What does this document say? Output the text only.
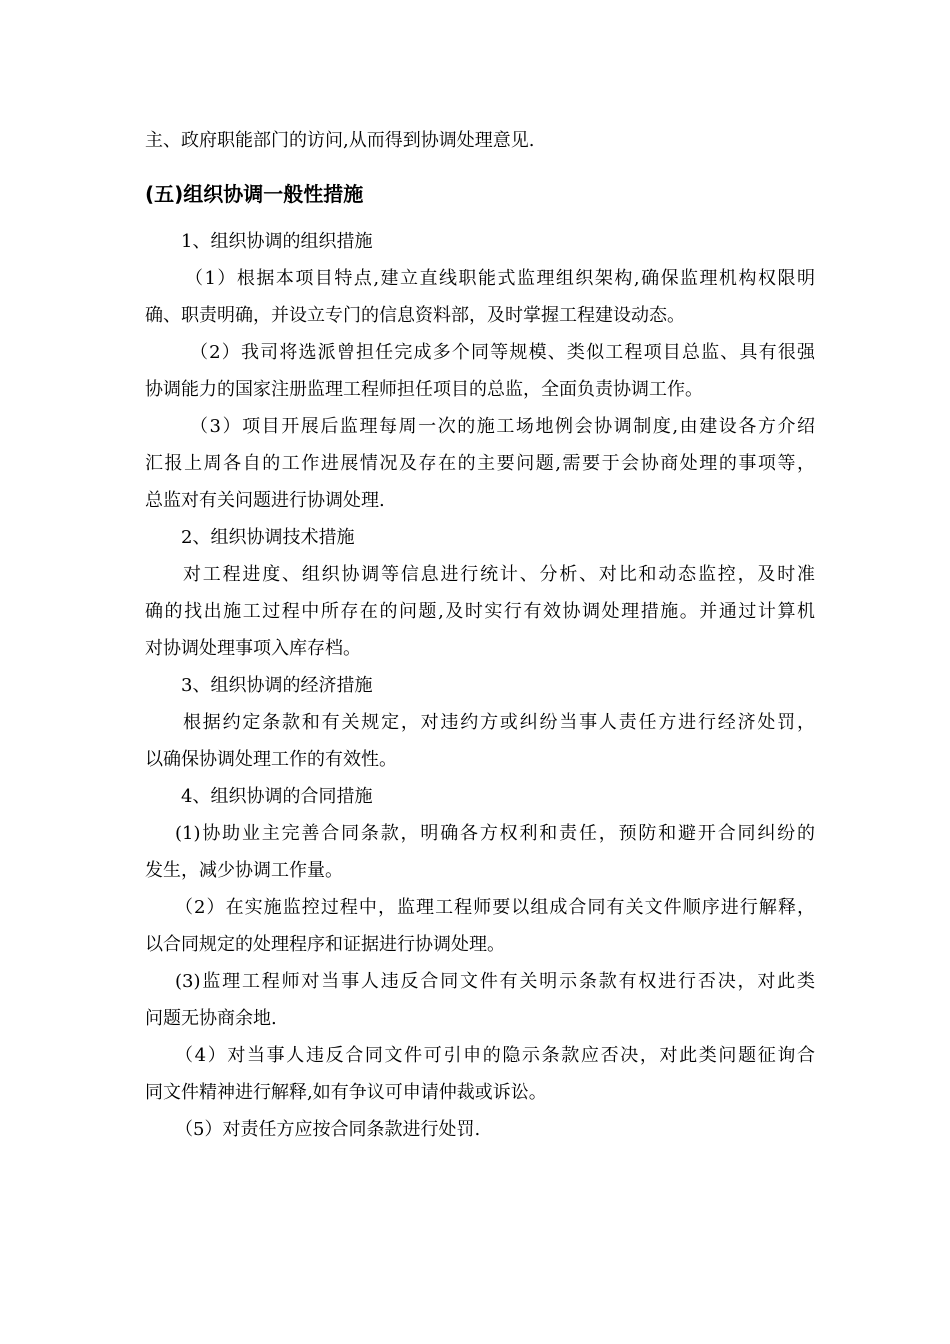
主、政府职能部门的访问,从而得到协调处理意见.

(五)组织协调一般性措施

1、组织协调的组织措施

（1）根据本项目特点,建立直线职能式监理组织架构,确保监理机构权限明

确、职责明确，并设立专门的信息资料部，及时掌握工程建设动态。

（2）我司将选派曾担任完成多个同等规模、类似工程项目总监、具有很强

协调能力的国家注册监理工程师担任项目的总监，全面负责协调工作。

（3）项目开展后监理每周一次的施工场地例会协调制度,由建设各方介绍

汇报上周各自的工作进展情况及存在的主要问题,需要于会协商处理的事项等，

总监对有关问题进行协调处理.

2、组织协调技术措施

对工程进度、组织协调等信息进行统计、分析、对比和动态监控，及时准

确的找出施工过程中所存在的问题,及时实行有效协调处理措施。并通过计算机

对协调处理事项入库存档。

3、组织协调的经济措施

根据约定条款和有关规定，对违约方或纠纷当事人责任方进行经济处罚，

以确保协调处理工作的有效性。

4、组织协调的合同措施

(1)协助业主完善合同条款，明确各方权利和责任，预防和避开合同纠纷的

发生，减少协调工作量。

（2）在实施监控过程中，监理工程师要以组成合同有关文件顺序进行解释，

以合同规定的处理程序和证据进行协调处理。

(3)监理工程师对当事人违反合同文件有关明示条款有权进行否决，对此类

问题无协商余地.

（4）对当事人违反合同文件可引申的隐示条款应否决，对此类问题征询合

同文件精神进行解释,如有争议可申请仲裁或诉讼。

（5）对责任方应按合同条款进行处罚.
